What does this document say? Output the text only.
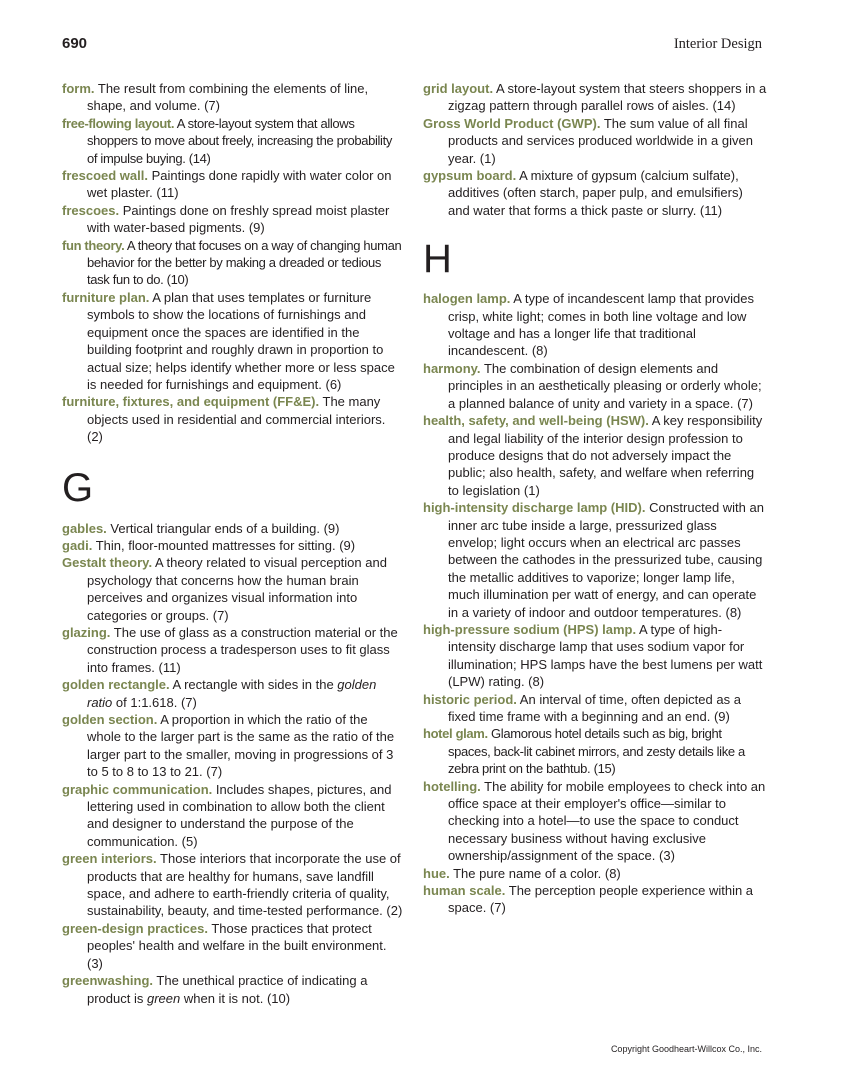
690	Interior Design

form. The result from combining the elements of line, shape, and volume. (7)

free-flowing layout. A store-layout system that allows shoppers to move about freely, increasing the probability of impulse buying. (14)

frescoed wall. Paintings done rapidly with water color on wet plaster. (11)

frescoes. Paintings done on freshly spread moist plaster with water-based pigments. (9)

fun theory. A theory that focuses on a way of changing human behavior for the better by making a dreaded or tedious task fun to do. (10)

furniture plan. A plan that uses templates or furniture symbols to show the locations of furnishings and equipment once the spaces are identified in the building footprint and roughly drawn in proportion to actual size; helps identify whether more or less space is needed for furnishings and equipment. (6)

furniture, fixtures, and equipment (FF&E). The many objects used in residential and commercial interiors. (2)

G

gables. Vertical triangular ends of a building. (9)

gadi. Thin, floor-mounted mattresses for sitting. (9)

Gestalt theory. A theory related to visual perception and psychology that concerns how the human brain perceives and organizes visual information into categories or groups. (7)

glazing. The use of glass as a construction material or the construction process a tradesperson uses to fit glass into frames. (11)

golden rectangle. A rectangle with sides in the golden ratio of 1:1.618. (7)

golden section. A proportion in which the ratio of the whole to the larger part is the same as the ratio of the larger part to the smaller, moving in progressions of 3 to 5 to 8 to 13 to 21. (7)

graphic communication. Includes shapes, pictures, and lettering used in combination to allow both the client and designer to understand the purpose of the communication. (5)

green interiors. Those interiors that incorporate the use of products that are healthy for humans, save landfill space, and adhere to earth-friendly criteria of quality, sustainability, beauty, and time-tested performance. (2)

green-design practices. Those practices that protect peoples' health and welfare in the built environment. (3)

greenwashing. The unethical practice of indicating a product is green when it is not. (10)

grid layout. A store-layout system that steers shoppers in a zigzag pattern through parallel rows of aisles. (14)

Gross World Product (GWP). The sum value of all final products and services produced worldwide in a given year. (1)

gypsum board. A mixture of gypsum (calcium sulfate), additives (often starch, paper pulp, and emulsifiers) and water that forms a thick paste or slurry. (11)

H

halogen lamp. A type of incandescent lamp that provides crisp, white light; comes in both line voltage and low voltage and has a longer life that traditional incandescent. (8)

harmony. The combination of design elements and principles in an aesthetically pleasing or orderly whole; a planned balance of unity and variety in a space. (7)

health, safety, and well-being (HSW). A key responsibility and legal liability of the interior design profession to produce designs that do not adversely impact the public; also health, safety, and welfare when referring to legislation (1)

high-intensity discharge lamp (HID). Constructed with an inner arc tube inside a large, pressurized glass envelop; light occurs when an electrical arc passes between the cathodes in the pressurized tube, causing the metallic additives to vaporize; longer lamp life, much illumination per watt of energy, and can operate in a variety of indoor and outdoor temperatures. (8)

high-pressure sodium (HPS) lamp. A type of high-intensity discharge lamp that uses sodium vapor for illumination; HPS lamps have the best lumens per watt (LPW) rating. (8)

historic period. An interval of time, often depicted as a fixed time frame with a beginning and an end. (9)

hotel glam. Glamorous hotel details such as big, bright spaces, back-lit cabinet mirrors, and zesty details like a zebra print on the bathtub. (15)

hotelling. The ability for mobile employees to check into an office space at their employer's office—similar to checking into a hotel—to use the space to conduct necessary business without having exclusive ownership/assignment of the space. (3)

hue. The pure name of a color. (8)

human scale. The perception people experience within a space. (7)

Copyright Goodheart-Willcox Co., Inc.
